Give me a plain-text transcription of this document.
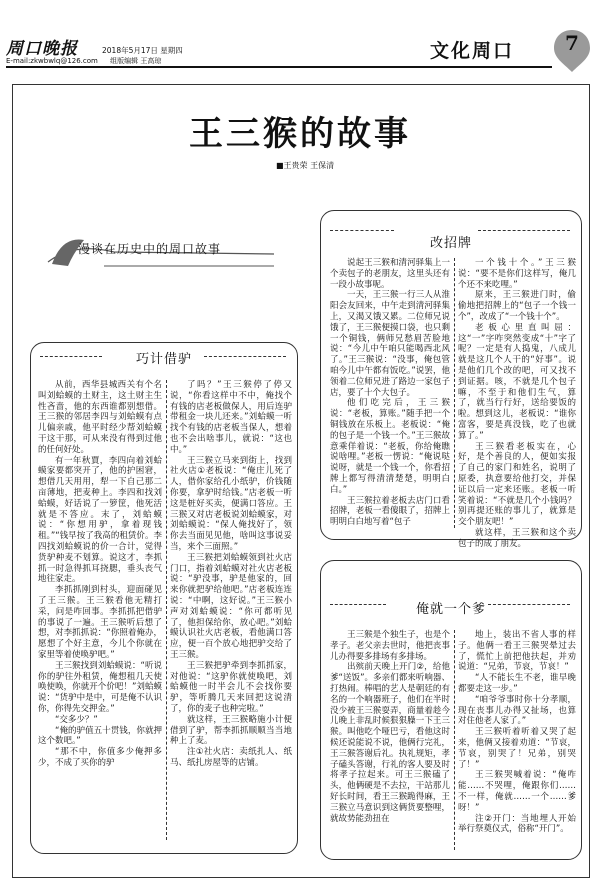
周口晚报	2018年5月17日 星期四
E-mail:zkwbwlq@126.com 组版编辑 王高琼	文化周口	7
王三猴的故事
■王贵荣 王保清
漫谈在历史中的周口故事
巧计借驴

从前，西华县城西关有个名叫刘蛤蟆的土财主，这土财主生性吝啬，他的东西谁都别想借。王三猴的邻居李四与刘蛤蟆有点儿偏亲戚，他平时经少帮刘蛤蟆干这干那，可从来没有得到过他的任何好处。

有一年秋賈，李四向着刘蛤蟆家要都突开了，他的护困窘，想借几天用用，犁一下自己那二亩薄地，把麦种上。李四和找刘蛤蟆，好话说了一箩筐，他死活就是不答应。末了，刘蛤蟆说：“你想用驴，拿着现钱租。”“钱早按了我高的租赁价。李四找刘蛤蟆说的价一合计，觉得货驴种麦不划算。说这才，李抓抓一时急得抓耳挠腮，垂头丧气地往家走。

李抓抓刚到村头，迎面碰见了王三猴。王三猴看他无精打采，问是咋回事。李抓抓把借驴的事说了一遍。王三猴听后想了想，对李抓抓说：“你照着俺办，愿想了个好主意，今儿个你就在家里等着使唤驴吧。”

王三猴找到刘蛤蟆说：“听说你的驴往外租赁，俺想租几天使唤使唤，你就开个价吧！”刘蛤蟆说：“货驴中是中，可是俺不认识你，你得先交押金。”

“交多少？”

“俺的驴值五十贯钱，你就押这个数吧。”

“那不中，你值多少俺押多少，不成了买你的驴

了吗？”王三猴停了停又说，“你看这样中不中，俺找个有钱的店老板做保人，用后连驴带租金一块儿还来。”刘蛤蟆一听找个有钱的店老板当保人，想着也不会出啥事儿，就说：“这也中。”

王三猴立马来到街上，找到社火店①老板说：“俺庄儿死了人，借你家给孔小纸驴，价钱随你要，拿驴时给钱。”店老板一听这是桩好买卖，便满口答应。王三猴又对店老板说刘蛤蟆家，对刘蛤蟆说：“保人俺找好了，领你去当面见见他，啥叫这事说妥当，来个三面照。”

王三猴把刘蛤蟆领到社火店门口，指着刘蛤蟆对社火店老板说：“驴没事，驴是他家的，回来你就把驴给他吧。”店老板连连说：“中啊，这好说。”王三猴小声对刘蛤蟆说：“你可都听见了，他担保给你，放心吧。”刘蛤蟆认识社火店老板，看他满口答应，便一百个放心地把驴交给了王三猴。

王三猴把驴牵到李抓抓家，对他说：“这驴你就使唤吧，刘蛤蟆他一时半会儿不会找你要驴，等听腾几天来回把这说清了，你的麦子也种完啦。”

就这样，王三猴略施小计便借到了驴，帮李抓抓顺顺当当地种上了麦。

注①社火店：卖纸扎人、纸马、纸扎房屋等的店铺。

改招牌

说起王三猴和清河驿集上一个卖包子的老朋友，这里头还有一段小故事呢。

一天，王三猴一行三人从淮阳会友回来，中午走到清河驿集上，又渴又饿又累。二位师兄说饿了，王三猴便摸口袋，也只剩一个铜钱，俩师兄愁眉苦脸地说：“今儿中午咱只能喝西北风了。”王三猴说：“没事，俺包管咱今儿中午都有饭吃。”说罢，他领着二位师兄进了路边一家包子店，要了十个大包子。

他们吃完后，王三猴说：“老板，算账。”随手把一个铜钱放在乐板上。老板说：“俺的包子是一个钱一个。”王三猴故意乘佯着说：“老板，你给俺瞧说啥哩。”老板一愣说：“俺说哒说呀，就是一个钱一个，你看招牌上都写得清清楚楚，明明白白。”

王三猴拉着老板去店门口看招牌，老板一看傻眼了，招牌上明明白白地写着“包子

一个钱十个。”王三猴说：“要不是你们这样写，俺几个还不来吃哩。”

原来，王三猴进门时，偷偷地把招牌上的“包子一个钱一个”，改成了“一个钱十个”。

老板心里直叫屈：这“一”字咋突然变成“十”字了呢？一定是有人捣鬼，八成儿就是这几个人干的“好事”。说是他们几个改的吧，可又找不到证据。咳，不就是几个包子嘛，不至于和他们生气，算了，就当行行好，送给要饭的啦。想到这儿，老板说：“谁你富客，要是真没钱，吃了也就算了。”

王三猴看老板实在，心好，是个善良的人，便如实报了自己的家门和姓名，说明了原委，执意要给他打交，并保证以后一定来还账。老板一听笑着说：“不就是几个小钱吗？别再提还账的事儿了，就算是交个朋友吧！”

就这样，王三猴和这个卖包子的成了朋友。

俺就一个爹

王三猴是个独生子，也是个孝子。老父亲去世时，他把丧事儿办得要多排场有多排场。

出殡前天晚上开门②，给他爹“送饭”。多亲们都来听响器、打热闹。棒唱的艺人是朝廷的有名的一个响器班子，他们在半时没少被王三猴耍弄，商量着趁今儿晚上非乱时候狠狠臊一下王三猴。叫他吃个哑巴亏，看他这时候还说能说不说，他俩行完礼，王三猴答谢后礼。执礼规矩，孝子磕头答谢，行礼的客人要及时将孝子拉起来。可王三猴磕了头，他俩硬是不去拉，干站那儿好长时间，看王三猴跪得麻，王三猴立马意识到这俩货要整哩，就故势能劲扭在

地上，装出不省人事的样子。他俩一看王三猴哭晕过去了，慌忙上前把他扶起，并劝说道：“兄弟，节哀，节哀！”

“人不能长生不老，谁早晚都要走这一步。”

“咱爷爷事时你十分孝顺，现在丧事儿办得又扯场，也算对住他老人家了。”

王三猴听着听着又哭了起来，他俩又接着劝道：“节哀，节哀，别哭了！兄弟，别哭了！”

王三猴哭喊着说：“俺咋能……不哭哩，俺跟你们……不一样，俺就……一个……爹呀！”

注②开门：当地埋人开始举行祭奠仪式，俗称“开门”。
